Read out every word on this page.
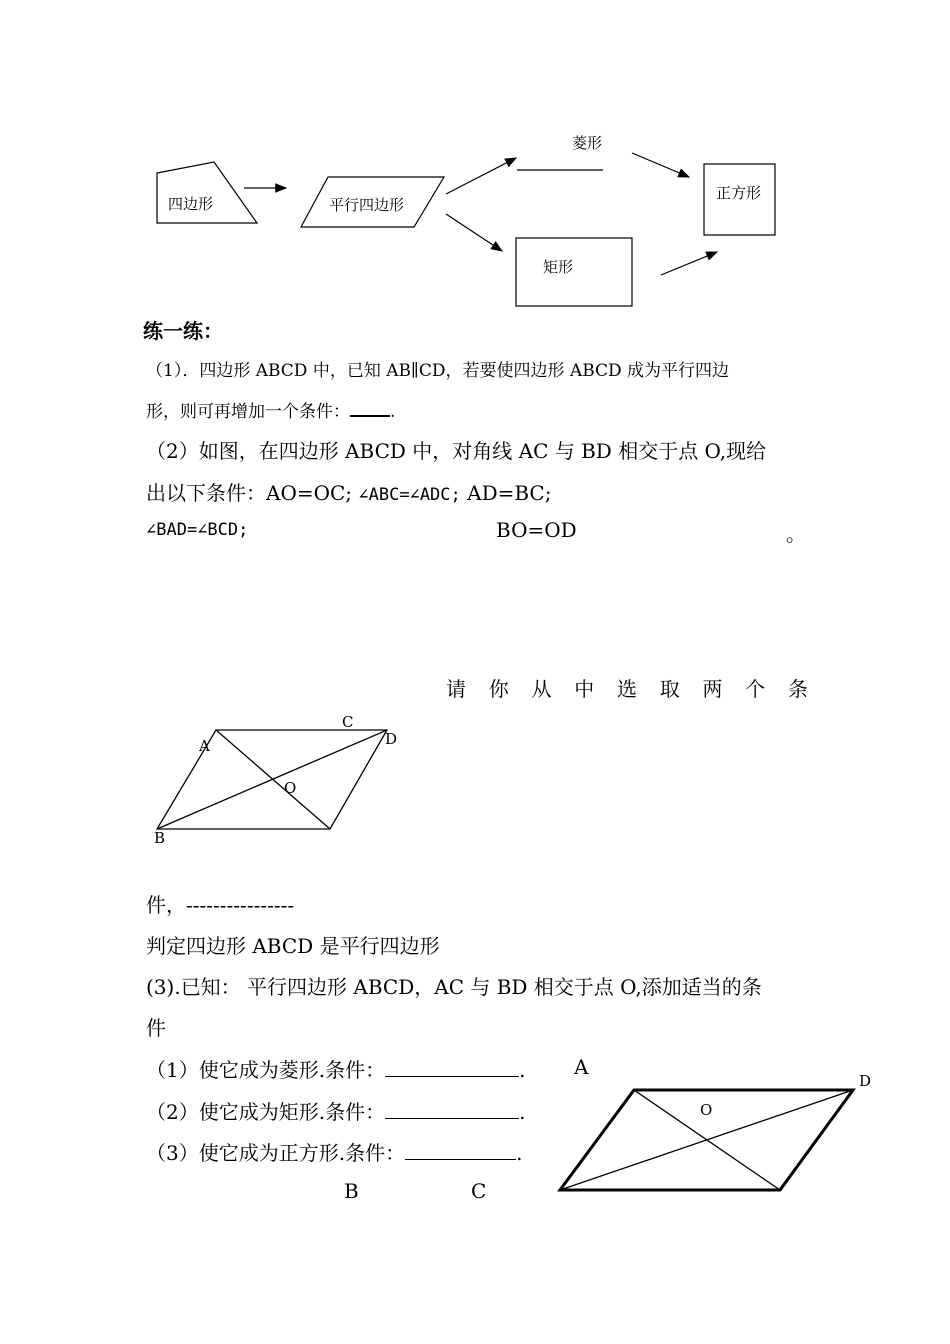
四边形	平行四边形
菱形
矩形
正方形
练一练：
（1）．四边形 ABCD 中，已知 AB∥CD，若要使四边形 ABCD 成为平行四边
形，则可再增加一个条件： .
（2）如图，在四边形 ABCD 中，对角线 AC 与 BD 相交于点 O,现给
出以下条件：AO=OC; ∠ABC=∠ADC; AD=BC;
∠BAD=∠BCD;	BO=OD	。
请 你 从 中 选 取 两 个 条
A
C
D
O
B
件，----------------
判定四边形 ABCD 是平行四边形
(3).已知： 平行四边形 ABCD，AC 与 BD 相交于点 O,添加适当的条
件
（1）使它成为菱形.条件：	.
（2）使它成为矩形.条件：	.
（3）使它成为正方形.条件：	.
A
D
O
B	C
